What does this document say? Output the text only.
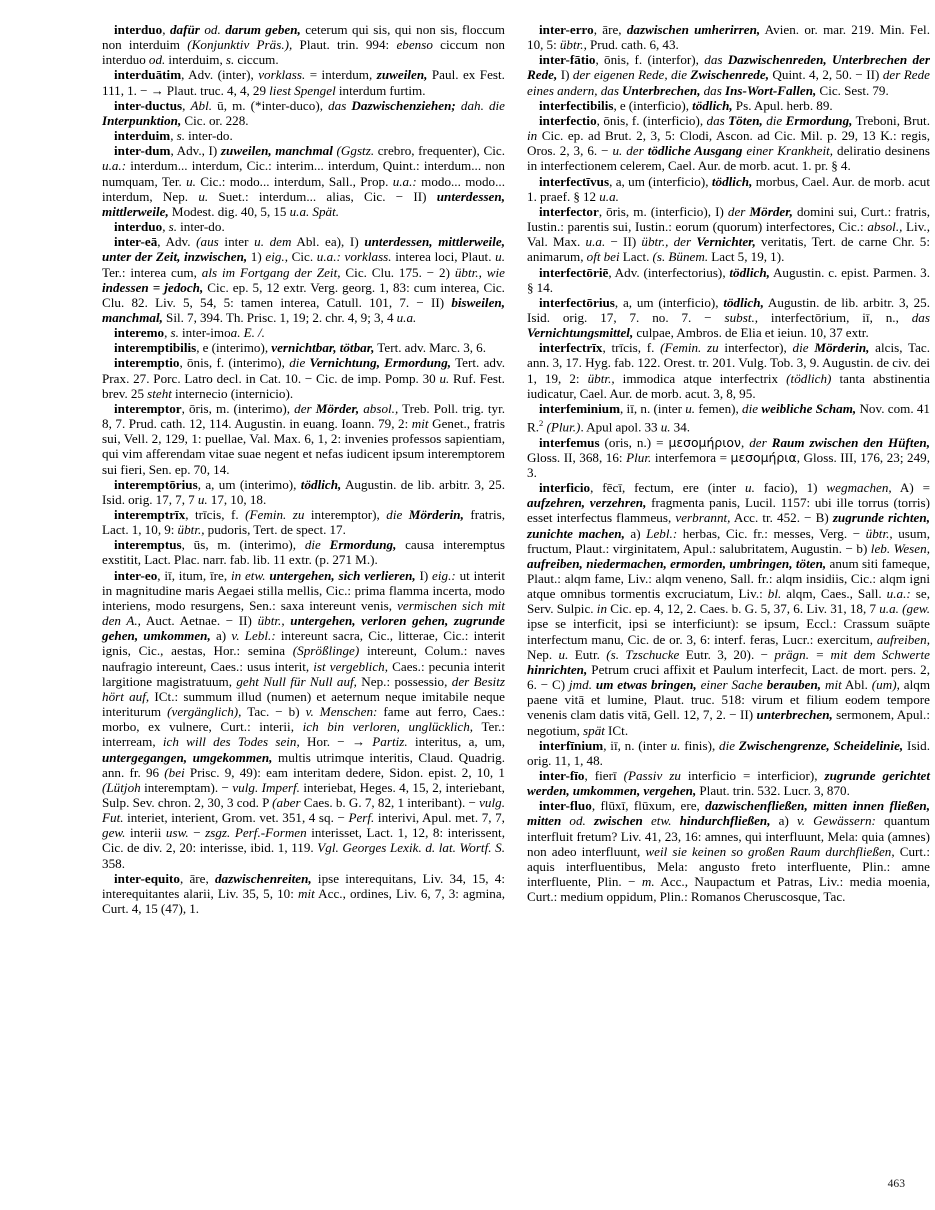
interduo, dafür od. darum geben, ceterum qui sis, qui non sis, floccum non interduim (Konjunktiv Präs.), Plaut. trin. 994: ebenso ciccum non interduo od. interduim, s. ciccum.

interduātim, Adv. (inter), vorklass. = interdum, zuweilen, Paul. ex Fest. 111, 1. − → Plaut. truc. 4, 4, 29 liest Spengel interdum furtim.

inter-ductus, Abl. ū, m. (*inter-duco), das Dazwischenziehen; dah. die Interpunktion, Cic. or. 228.

interduim, s. inter-do.

inter-dum, Adv., I) zuweilen, manchmal (Ggstz. crebro, frequenter), Cic. u.a.: interdum... interdum, Cic.: interim... interdum, Quint.: interdum... non numquam, Ter. u. Cic.: modo... interdum, Sall., Prop. u.a.: modo... modo... interdum, Nep. u. Suet.: interdum... alias, Cic. − II) unterdessen, mittlerweile, Modest. dig. 40, 5, 15 u.a. Spät.

interduo, s. inter-do.

inter-eā, Adv. (aus inter u. dem Abl. ea), I) unterdessen, mittlerweile, unter der Zeit, inzwischen, 1) eig., Cic. u.a.: vorklass. interea loci, Plaut. u. Ter.: interea cum, als im Fortgang der Zeit, Cic. Clu. 175. − 2) übtr., wie indessen = jedoch, Cic. ep. 5, 12 extr. Verg. georg. 1, 83: cum interea, Cic. Clu. 82. Liv. 5, 54, 5: tamen interea, Catull. 101, 7. − II) bisweilen, manchmal, Sil. 7, 394. Th. Prisc. 1, 19; 2. chr. 4, 9; 3, 4 u.a.

interemo, s. inter-imoa. E. /.

interemptibilis, e (interimo), vernichtbar, tötbar, Tert. adv. Marc. 3, 6.

interemptio, ōnis, f. (interimo), die Vernichtung, Ermordung, Tert. adv. Prax. 27. Porc. Latro decl. in Cat. 10. − Cic. de imp. Pomp. 30 u. Ruf. Fest. brev. 25 steht internecio (internicio).

interemptor, ōris, m. (interimo), der Mörder, absol., Treb. Poll. trig. tyr. 8, 7. Prud. cath. 12, 114. Augustin. in euang. Ioann. 79, 2: mit Genet., fratris sui, Vell. 2, 129, 1: puellae, Val. Max. 6, 1, 2: invenies professos sapientiam, qui vim afferendam vitae suae negent et nefas iudicent ipsum interemptorem sui fieri, Sen. ep. 70, 14.

interemptōrius, a, um (interimo), tödlich, Augustin. de lib. arbitr. 3, 25. Isid. orig. 17, 7, 7 u. 17, 10, 18.

interemptrīx, trīcis, f. (Femin. zu interemptor), die Mörderin, fratris, Lact. 1, 10, 9: übtr., pudoris, Tert. de spect. 17.

interemptus, ūs, m. (interimo), die Ermordung, causa interemptus exstitit, Lact. Plac. narr. fab. lib. 11 extr. (p. 271 M.).

inter-eo, iī, itum, īre, in etw. untergehen, sich verlieren, I) eig.: ut interit in magnitudine maris Aegaei stilla mellis, Cic.: prima flamma incerta, modo interiens, modo resurgens, Sen.: saxa intereunt venis, vermischen sich mit den A., Auct. Aetnae. − II) übtr., untergehen, verloren gehen, zugrunde gehen, umkommen, a) v. Lebl.: intereunt sacra, Cic., litterae, Cic.: interit ignis, Cic., aestas, Hor.: semina (Sprößlinge) intereunt, Colum.: naves naufragio intereunt, Caes.: usus interit, ist vergeblich, Caes.: pecunia interit largitione magistratuum, geht Null für Null auf, Nep.: possessio, der Besitz hört auf, ICt.: summum illud (numen) et aeternum neque imitabile neque interiturum (vergänglich), Tac. − b) v. Menschen: fame aut ferro, Caes.: morbo, ex vulnere, Curt.: interii, ich bin verloren, unglücklich, Ter.: interream, ich will des Todes sein, Hor. − → Partiz. interitus, a, um, untergegangen, umgekommen, multis utrimque interitis, Claud. Quadrig. ann. fr. 96 (bei Prisc. 9, 49): eam interitam dedere, Sidon. epist. 2, 10, 1 (Lütjoh interemptam). − vulg. Imperf. interiebat, Heges. 4, 15, 2, interiebant, Sulp. Sev. chron. 2, 30, 3 cod. P (aber Caes. b. G. 7, 82, 1 interibant). − vulg. Fut. interiet, interient, Grom. vet. 351, 4 sq. − Perf. interivi, Apul. met. 7, 7, gew. interii usw. − zsgz. Perf.-Formen interisset, Lact. 1, 12, 8: interissent, Cic. de div. 2, 20: interisse, ibid. 1, 119. Vgl. Georges Lexik. d. lat. Wortf. S. 358.

inter-equito, āre, dazwischenreiten, ipse interequitans, Liv. 34, 15, 4: interequitantes alarii, Liv. 35, 5, 10: mit Acc., ordines, Liv. 6, 7, 3: agmina, Curt. 4, 15 (47), 1.

inter-erro, āre, dazwischen umherirren, Avien. or. mar. 219. Min. Fel. 10, 5: übtr., Prud. cath. 6, 43.

inter-fātio, ōnis, f. (interfor), das Dazwischenreden, Unterbrechen der Rede, I) der eigenen Rede, die Zwischenrede, Quint. 4, 2, 50. − II) der Rede eines andern, das Unterbrechen, das Ins-Wort-Fallen, Cic. Sest. 79.

interfectibilis, e (interficio), tödlich, Ps. Apul. herb. 89.

interfectio, ōnis, f. (interficio), das Töten, die Ermordung, Treboni, Brut. in Cic. ep. ad Brut. 2, 3, 5: Clodi, Ascon. ad Cic. Mil. p. 29, 13 K.: regis, Oros. 2, 3, 6. − u. der tödliche Ausgang einer Krankheit, deliratio desinens in interfectionem celerem, Cael. Aur. de morb. acut. 1. pr. § 4.

interfectīvus, a, um (interficio), tödlich, morbus, Cael. Aur. de morb. acut 1. praef. § 12 u.a.

interfector, ōris, m. (interficio), I) der Mörder, domini sui, Curt.: fratris, Iustin.: parentis sui, Iustin.: eorum (quorum) interfectores, Cic.: absol., Liv., Val. Max. u.a. − II) übtr., der Vernichter, veritatis, Tert. de carne Chr. 5: animarum, oft bei Lact. (s. Bünem. Lact 5, 19, 1).

interfectōriē, Adv. (interfectorius), tödlich, Augustin. c. epist. Parmen. 3. § 14.

interfectōrius, a, um (interficio), tödlich, Augustin. de lib. arbitr. 3, 25. Isid. orig. 17, 7. no. 7. − subst., interfectōrium, iī, n., das Vernichtungsmittel, culpae, Ambros. de Elia et ieiun. 10, 37 extr.

interfectrīx, trīcis, f. (Femin. zu interfector), die Mörderin, alcis, Tac. ann. 3, 17. Hyg. fab. 122. Orest. tr. 201. Vulg. Tob. 3, 9. Augustin. de civ. dei 1, 19, 2: übtr., immodica atque interfectrix (tödlich) tanta abstinentia iudicatur, Cael. Aur. de morb. acut. 3, 8, 95.

interfeminium, iī, n. (inter u. femen), die weibliche Scham, Nov. com. 41 R.$^2$ (Plur.). Apul apol. 33 u. 34.

interfemus (oris, n.) = μεσομήριον, der Raum zwischen den Hüften, Gloss. II, 368, 16: Plur. interfemora = μεσομήρια, Gloss. III, 176, 23; 249, 3.

interficio, fēcī, fectum, ere (inter u. facio), 1) wegmachen, A) = aufzehren, verzehren, fragmenta panis, Lucil. 1157: ubi ille torrus (torris) esset interfectus flammeus, verbrannt, Acc. tr. 452. − B) zugrunde richten, zunichte machen, a) Lebl.: herbas, Cic. fr.: messes, Verg. − übtr., usum, fructum, Plaut.: virginitatem, Apul.: salubritatem, Augustin. − b) leb. Wesen, aufreiben, niedermachen, ermorden, umbringen, töten, anum siti fameque, Plaut.: alqm fame, Liv.: alqm veneno, Sall. fr.: alqm insidiis, Cic.: alqm igni atque omnibus tormentis excruciatum, Liv.: bl. alqm, Caes., Sall. u.a.: se, Serv. Sulpic. in Cic. ep. 4, 12, 2. Caes. b. G. 5, 37, 6. Liv. 31, 18, 7 u.a. (gew. ipse se interficit, ipsi se interficiunt): se ipsum, Eccl.: Crassum suāpte interfectum manu, Cic. de or. 3, 6: interf. feras, Lucr.: exercitum, aufreiben, Nep. u. Eutr. (s. Tzschucke Eutr. 3, 20). − prägn. = mit dem Schwerte hinrichten, Petrum cruci affixit et Paulum interfecit, Lact. de mort. pers. 2, 6. − C) jmd. um etwas bringen, einer Sache berauben, mit Abl. (um), alqm paene vitā et lumine, Plaut. truc. 518: virum et filium eodem tempore venenis clam datis vitā, Gell. 12, 7, 2. − II) unterbrechen, sermonem, Apul.: negotium, spät ICt.

interfīnium, iī, n. (inter u. finis), die Zwischengrenze, Scheidelinie, Isid. orig. 11, 1, 48.

inter-fīo, fierī (Passiv zu interficio = interficior), zugrunde gerichtet werden, umkommen, vergehen, Plaut. trin. 532. Lucr. 3, 870.

inter-fluo, flūxī, flūxum, ere, dazwischenfließen, mitten innen fließen, mitten od. zwischen etw. hindurchfließen, a) v. Gewässern: quantum interfluit fretum? Liv. 41, 23, 16: amnes, qui interfluunt, Mela: quia (amnes) non adeo interfluunt, weil sie keinen so großen Raum durchfließen, Curt.: aquis interfluentibus, Mela: angusto freto interfluente, Plin.: amne interfluente, Plin. − m. Acc., Naupactum et Patras, Liv.: media moenia, Curt.: medium oppidum, Plin.: Romanos Cheruscosque, Tac.

463
